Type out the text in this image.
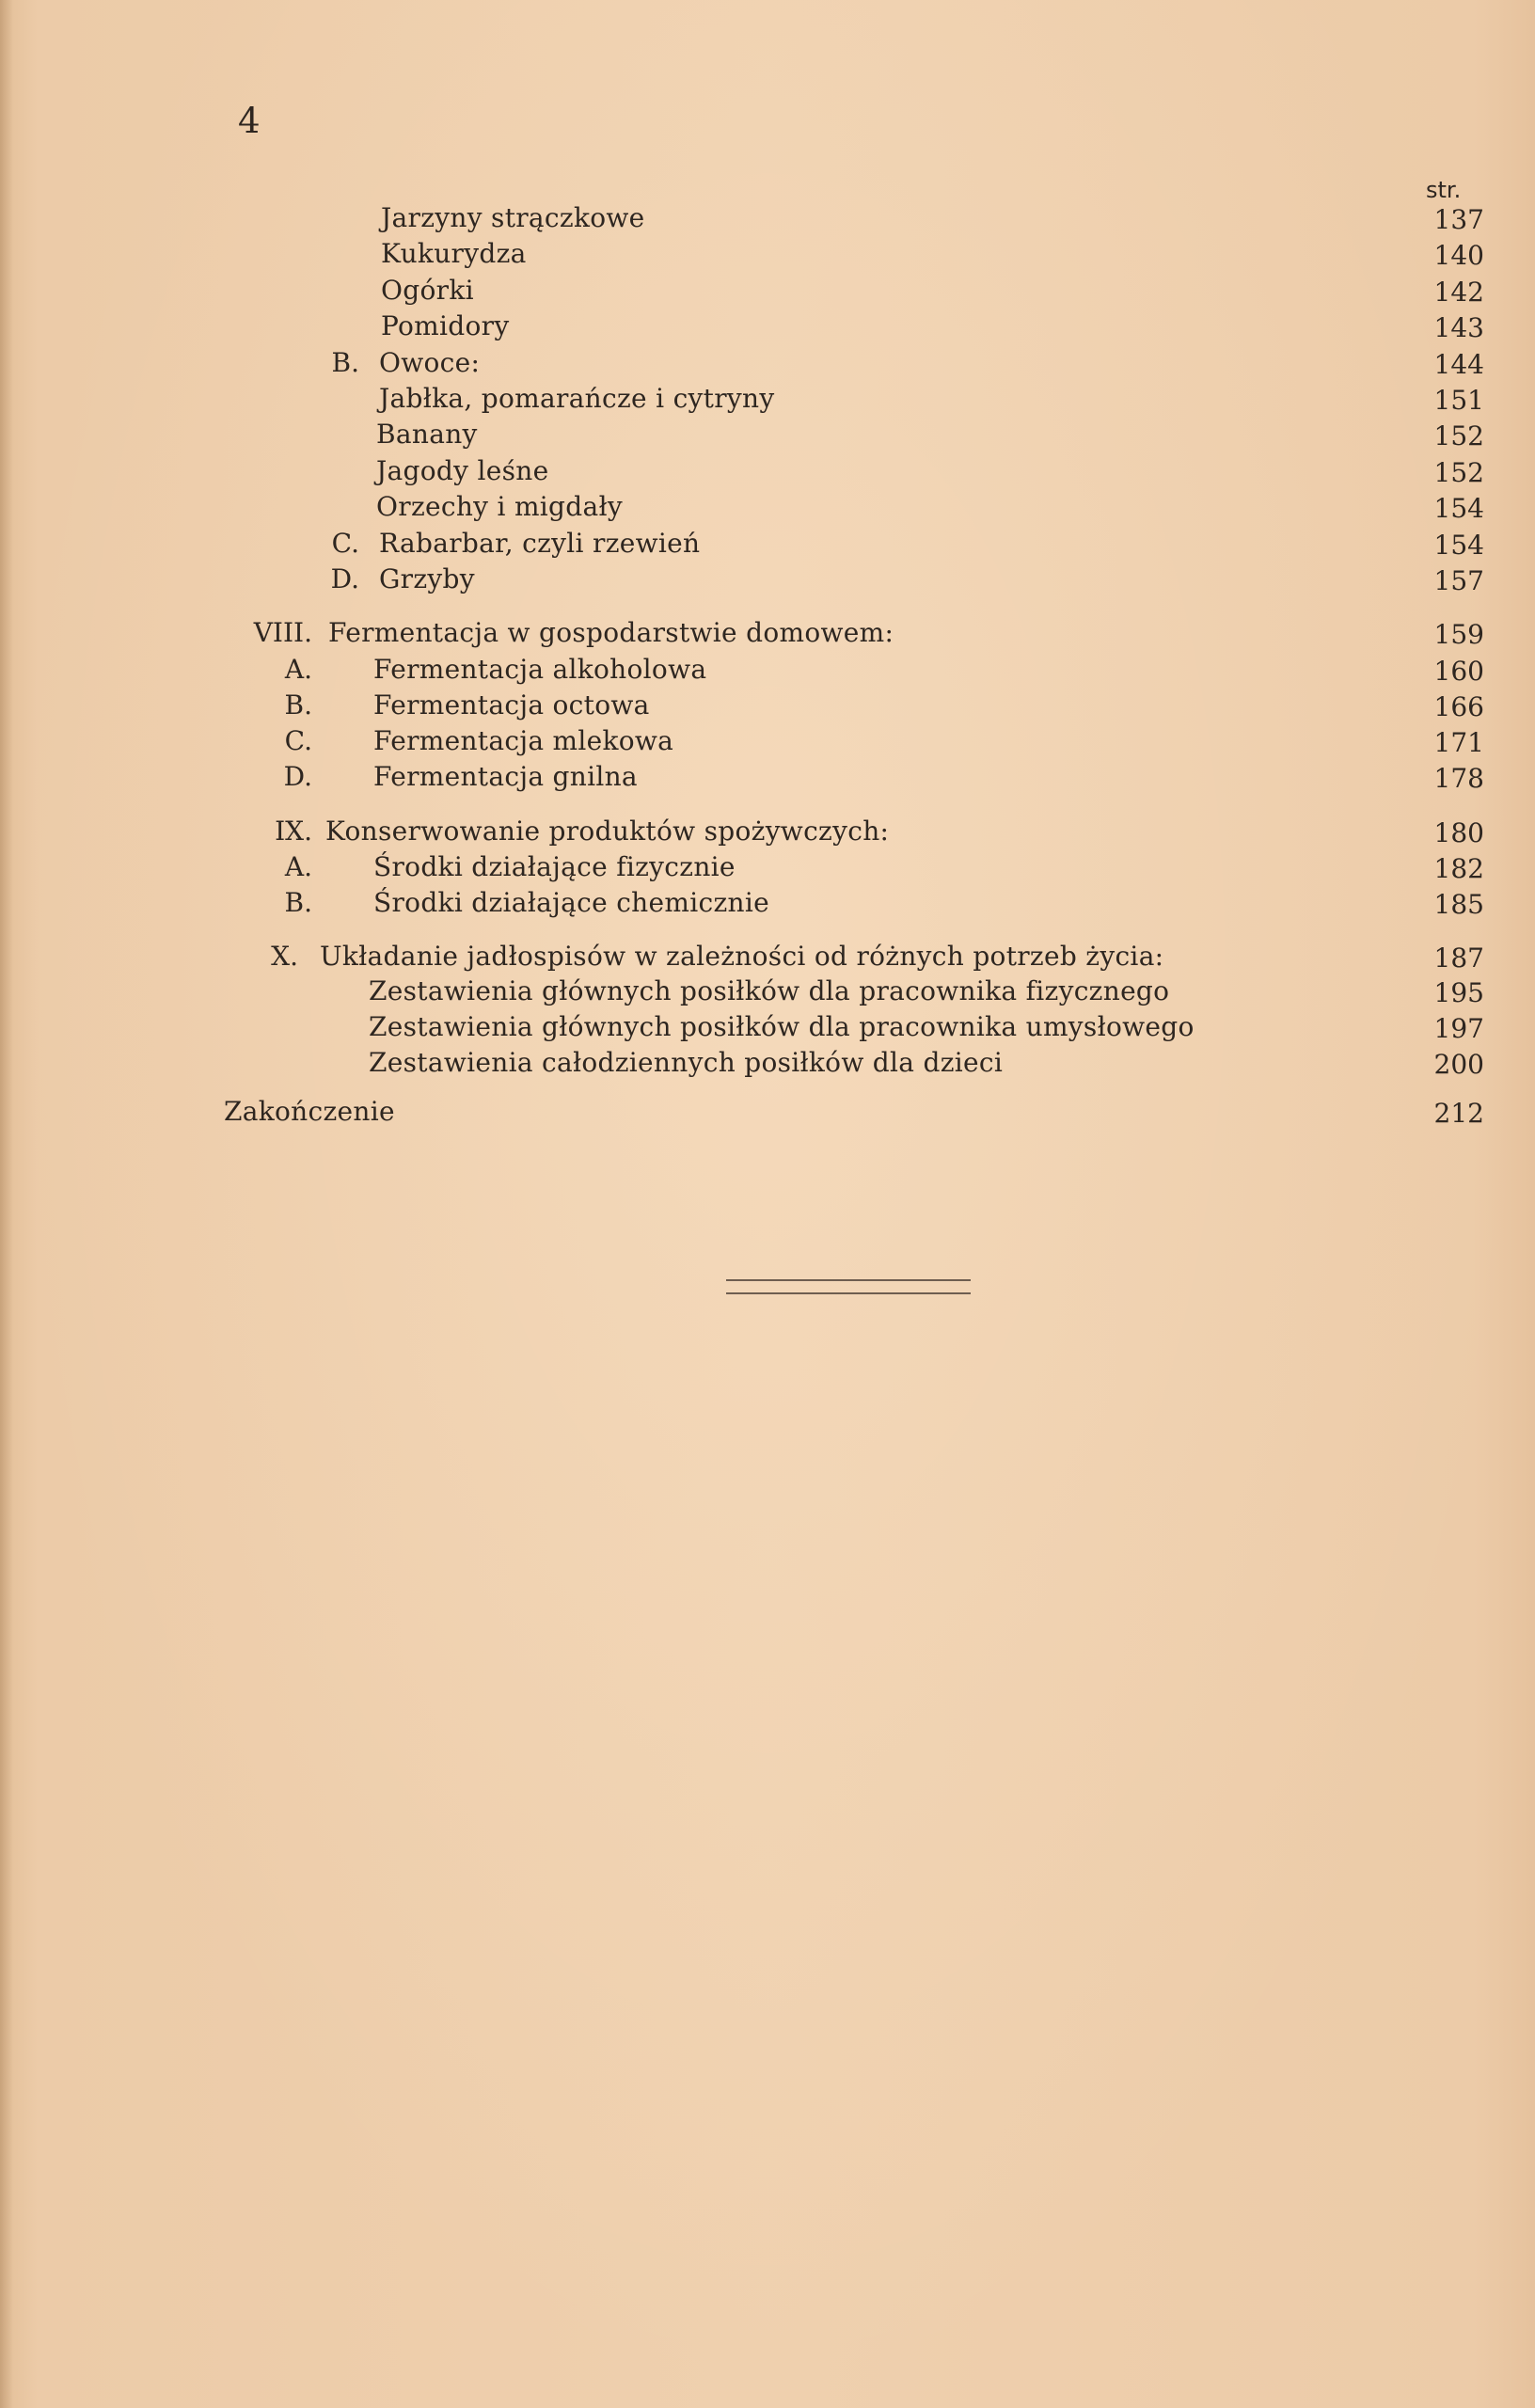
4
str.
Jarzyny strączkowe	137
Kukurydza	140
Ogórki	142
Pomidory	143
B. Owoce:	144
Jabłka, pomarańcze i cytryny	151
Banany	152
Jagody leśne	152
Orzechy i migdały	154
C. Rabarbar, czyli rzewień	154
D. Grzyby	157
VIII. Fermentacja w gospodarstwie domowem:	159
A. Fermentacja alkoholowa	160
B. Fermentacja octowa	166
C. Fermentacja mlekowa	171
D. Fermentacja gnilna	178
IX. Konserwowanie produktów spożywczych:	180
A. Środki działające fizycznie	182
B. Środki działające chemicznie	185
X. Układanie jadłospisów w zależności od różnych potrzeb życia:	187
Zestawienia głównych posiłków dla pracownika fizycznego	195
Zestawienia głównych posiłków dla pracownika umysłowego	197
Zestawienia całodziennych posiłków dla dzieci	200
Zakończenie	212
